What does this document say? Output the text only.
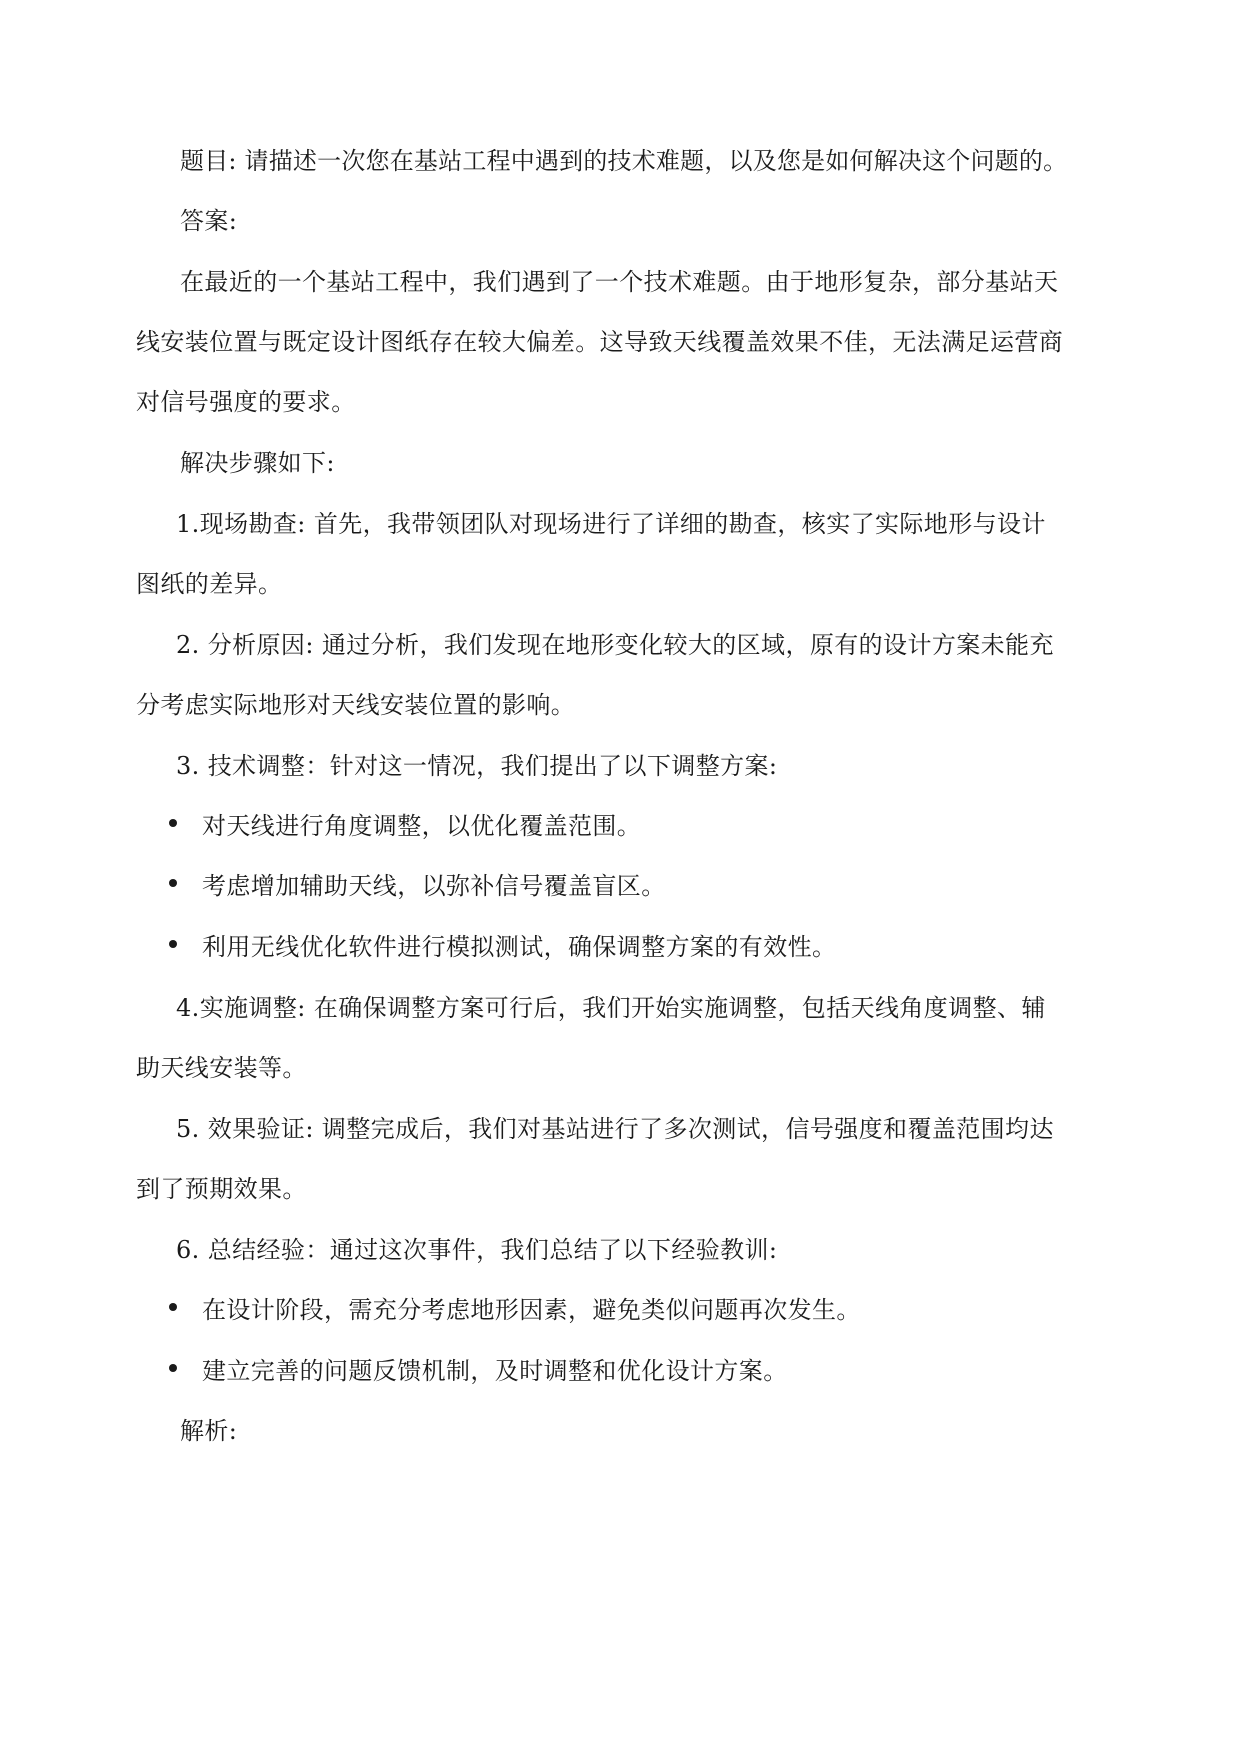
题目: 请描述一次您在基站工程中遇到的技术难题，以及您是如何解决这个问题的。

答案:

在最近的一个基站工程中，我们遇到了一个技术难题。由于地形复杂，部分基站天

线安装位置与既定设计图纸存在较大偏差。这导致天线覆盖效果不佳，无法满足运营商

对信号强度的要求。

解决步骤如下:

1.现场勘查: 首先，我带领团队对现场进行了详细的勘查，核实了实际地形与设计

图纸的差异。

2. 分析原因: 通过分析，我们发现在地形变化较大的区域，原有的设计方案未能充

分考虑实际地形对天线安装位置的影响。

3. 技术调整：针对这一情况，我们提出了以下调整方案:

对天线进行角度调整，以优化覆盖范围。

考虑增加辅助天线，以弥补信号覆盖盲区。

利用无线优化软件进行模拟测试，确保调整方案的有效性。

4.实施调整: 在确保调整方案可行后，我们开始实施调整，包括天线角度调整、辅

助天线安装等。

5. 效果验证: 调整完成后，我们对基站进行了多次测试，信号强度和覆盖范围均达

到了预期效果。

6. 总结经验：通过这次事件，我们总结了以下经验教训:

在设计阶段，需充分考虑地形因素，避免类似问题再次发生。

建立完善的问题反馈机制，及时调整和优化设计方案。

解析:
